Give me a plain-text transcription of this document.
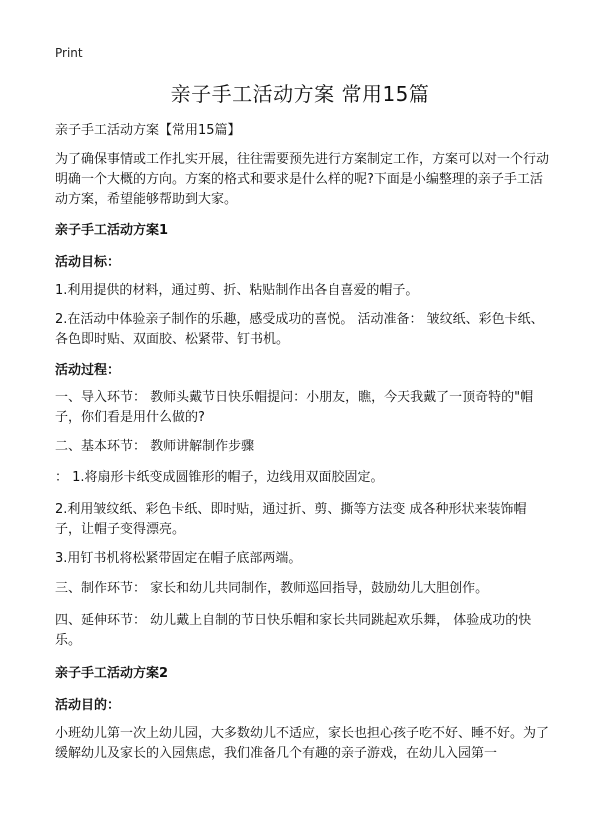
Print
亲子手工活动方案 常用15篇

亲子手工活动方案【常用15篇】

为了确保事情或工作扎实开展，往往需要预先进行方案制定工作，方案可以对一个行动明确一个大概的方向。方案的格式和要求是什么样的呢?下面是小编整理的亲子手工活动方案，希望能够帮助到大家。

亲子手工活动方案1
活动目标：

1.利用提供的材料，通过剪、折、粘贴制作出各自喜爱的帽子。

2.在活动中体验亲子制作的乐趣，感受成功的喜悦。 活动准备： 皱纹纸、彩色卡纸、各色即时贴、双面胶、松紧带、钉书机。

活动过程：

一、导入环节： 教师头戴节日快乐帽提问：小朋友，瞧，今天我戴了一顶奇特的"帽子，你们看是用什么做的?

二、基本环节： 教师讲解制作步骤

： 1.将扇形卡纸变成圆锥形的帽子，边线用双面胶固定。

2.利用皱纹纸、彩色卡纸、即时贴，通过折、剪、撕等方法变 成各种形状来装饰帽子，让帽子变得漂亮。

3.用钉书机将松紧带固定在帽子底部两端。

三、制作环节： 家长和幼儿共同制作，教师巡回指导，鼓励幼儿大胆创作。

四、延伸环节： 幼儿戴上自制的节日快乐帽和家长共同跳起欢乐舞， 体验成功的快乐。

亲子手工活动方案2
活动目的：

小班幼儿第一次上幼儿园，大多数幼儿不适应，家长也担心孩子吃不好、睡不好。为了缓解幼儿及家长的入园焦虑，我们准备几个有趣的亲子游戏，在幼儿入园第一
